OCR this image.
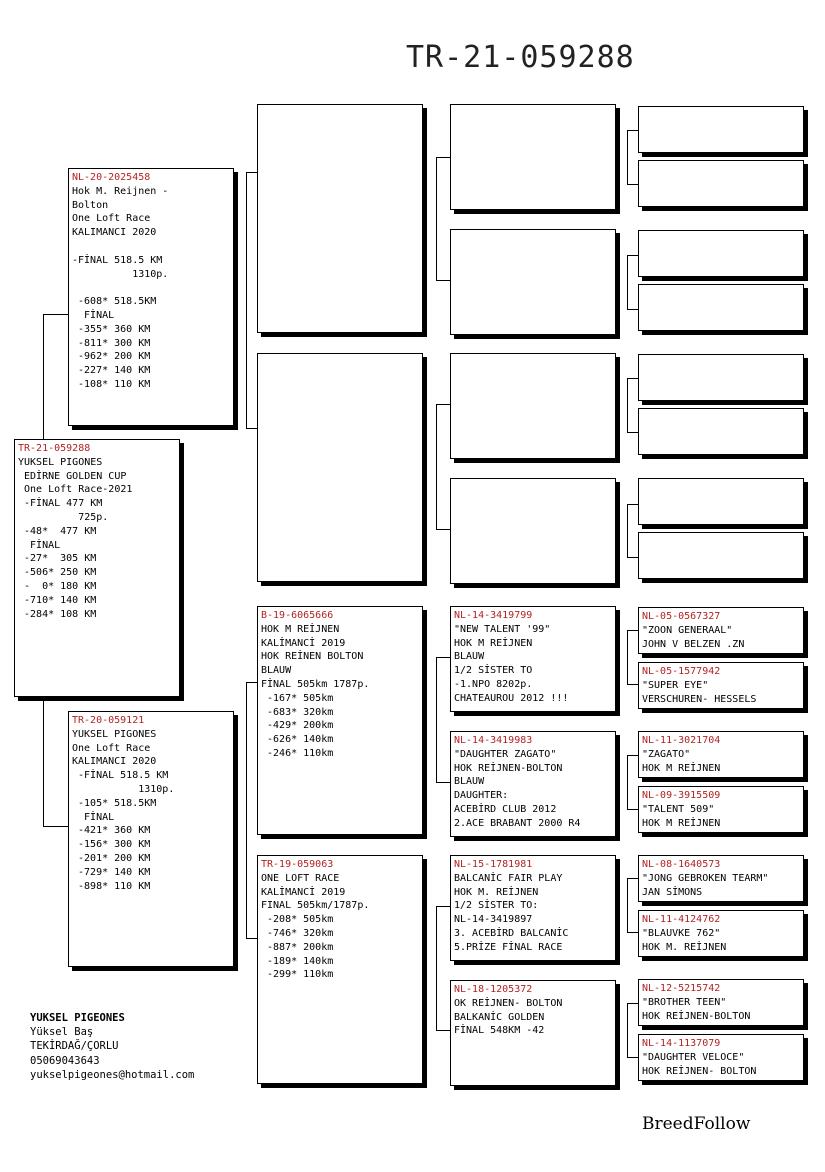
TR-21-059288
TR-21-059288
YUKSEL PIGONES
EDİRNE GOLDEN CUP
One Loft Race-2021
-FİNAL 477 KM
725p.
-48*  477 KM
FİNAL
-27*  305 KM
-506* 250 KM
-  0* 180 KM
-710* 140 KM
-284* 108 KM
NL-20-2025458
Hok M. Reijnen -
Bolton
One Loft Race
KALIMANCI 2020

-FİNAL 518.5 KM
1310p.

-608* 518.5KM
FİNAL
-355* 360 KM
-811* 300 KM
-962* 200 KM
-227* 140 KM
-108* 110 KM
TR-20-059121
YUKSEL PIGONES
One Loft Race
KALIMANCI 2020
-FİNAL 518.5 KM
1310p.
-105* 518.5KM
FİNAL
-421* 360 KM
-156* 300 KM
-201* 200 KM
-729* 140 KM
-898* 110 KM
B-19-6065666
HOK M REİJNEN
KALİMANCİ 2019
HOK REİNEN BOLTON
BLAUW
FİNAL 505km 1787p.
-167* 505km
-683* 320km
-429* 200km
-626* 140km
-246* 110km
TR-19-059063
ONE LOFT RACE
KALİMANCİ 2019
FINAL 505km/1787p.
-208* 505km
-746* 320km
-887* 200km
-189* 140km
-299* 110km
NL-14-3419799
"NEW TALENT '99"
HOK M REİJNEN
BLAUW
1/2 SİSTER TO
-1.NPO 8202p.
CHATEAUROU 2012 !!!
NL-14-3419983
"DAUGHTER ZAGATO"
HOK REİJNEN-BOLTON
BLAUW
DAUGHTER:
ACEBİRD CLUB 2012
2.ACE BRABANT 2000 R4
NL-15-1781981
BALCANİC FAIR PLAY
HOK M. REİJNEN
1/2 SİSTER TO:
NL-14-3419897
3. ACEBİRD BALCANİC
5.PRİZE FİNAL RACE
NL-18-1205372
OK REİJNEN- BOLTON
BALKANİC GOLDEN
FİNAL 548KM -42
NL-05-0567327
"ZOON GENERAAL"
JOHN V BELZEN .ZN
NL-05-1577942
"SUPER EYE"
VERSCHUREN- HESSELS
NL-11-3021704
"ZAGATO"
HOK M REİJNEN
NL-09-3915509
"TALENT 509"
HOK M REİJNEN
NL-08-1640573
"JONG GEBROKEN TEARM"
JAN SİMONS
NL-11-4124762
"BLAUVKE 762"
HOK M. REİJNEN
NL-12-5215742
"BROTHER TEEN"
HOK REİJNEN-BOLTON
NL-14-1137079
"DAUGHTER VELOCE"
HOK REİJNEN- BOLTON
YUKSEL PIGEONES
Yüksel Baş
TEKİRDAĞ/ÇORLU
05069043643
yukselpigeones@hotmail.com
BreedFollow
